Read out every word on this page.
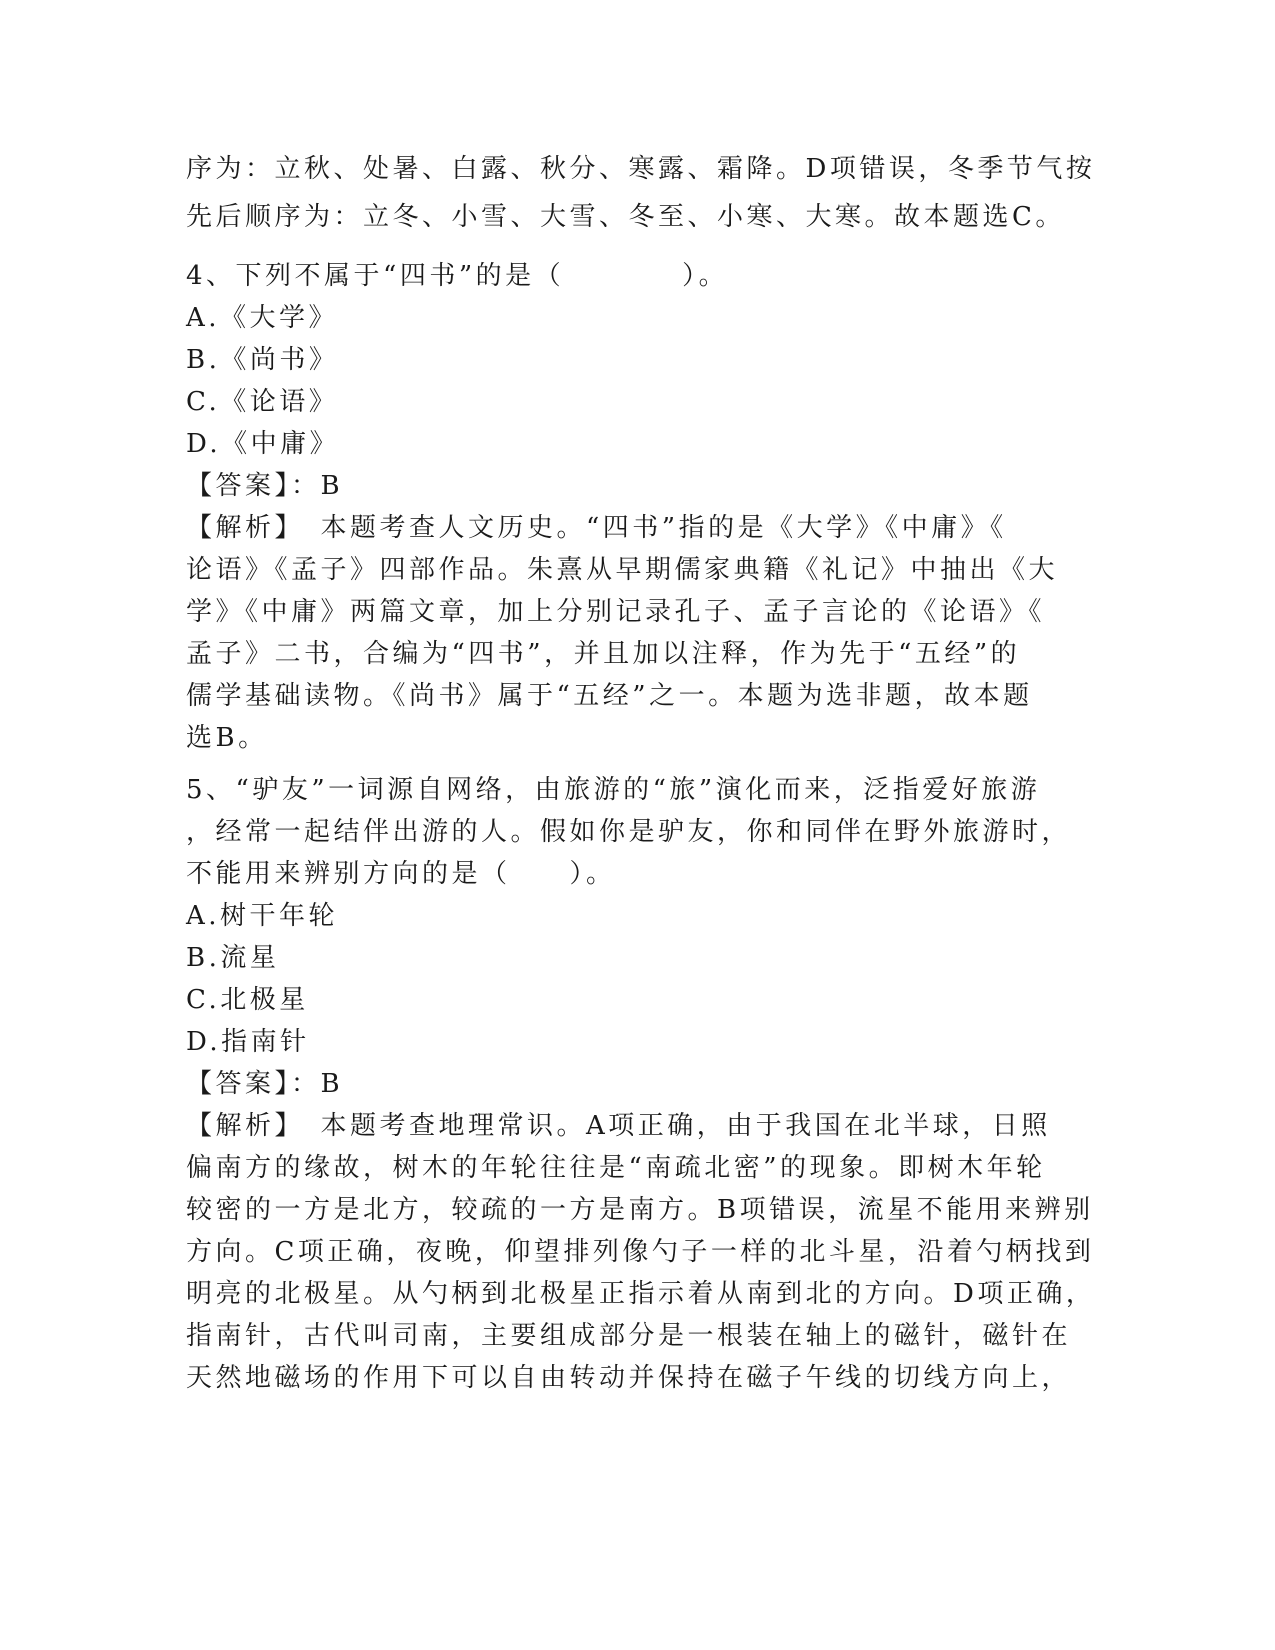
序为：立秋、处暑、白露、秋分、寒露、霜降。D项错误，冬季节气按
先后顺序为：立冬、小雪、大雪、冬至、小寒、大寒。故本题选C。
4、下列不属于“四书”的是（　　　　）。
A.《大学》
B.《尚书》
C.《论语》
D.《中庸》
【答案】：B
【解析】　本题考查人文历史。“四书”指的是《大学》《中庸》《
论语》《孟子》四部作品。朱熹从早期儒家典籍《礼记》中抽出《大
学》《中庸》两篇文章，加上分别记录孔子、孟子言论的《论语》《
孟子》二书，合编为“四书”，并且加以注释，作为先于“五经”的
儒学基础读物。《尚书》属于“五经”之一。本题为选非题，故本题
选B。
5、“驴友”一词源自网络，由旅游的“旅”演化而来，泛指爱好旅游
，经常一起结伴出游的人。假如你是驴友，你和同伴在野外旅游时，
不能用来辨别方向的是（　　）。
A.树干年轮
B.流星
C.北极星
D.指南针
【答案】：B
【解析】　本题考查地理常识。A项正确，由于我国在北半球，日照
偏南方的缘故，树木的年轮往往是“南疏北密”的现象。即树木年轮
较密的一方是北方，较疏的一方是南方。B项错误，流星不能用来辨别
方向。C项正确，夜晚，仰望排列像勺子一样的北斗星，沿着勺柄找到
明亮的北极星。从勺柄到北极星正指示着从南到北的方向。D项正确，
指南针，古代叫司南，主要组成部分是一根装在轴上的磁针，磁针在
天然地磁场的作用下可以自由转动并保持在磁子午线的切线方向上，
